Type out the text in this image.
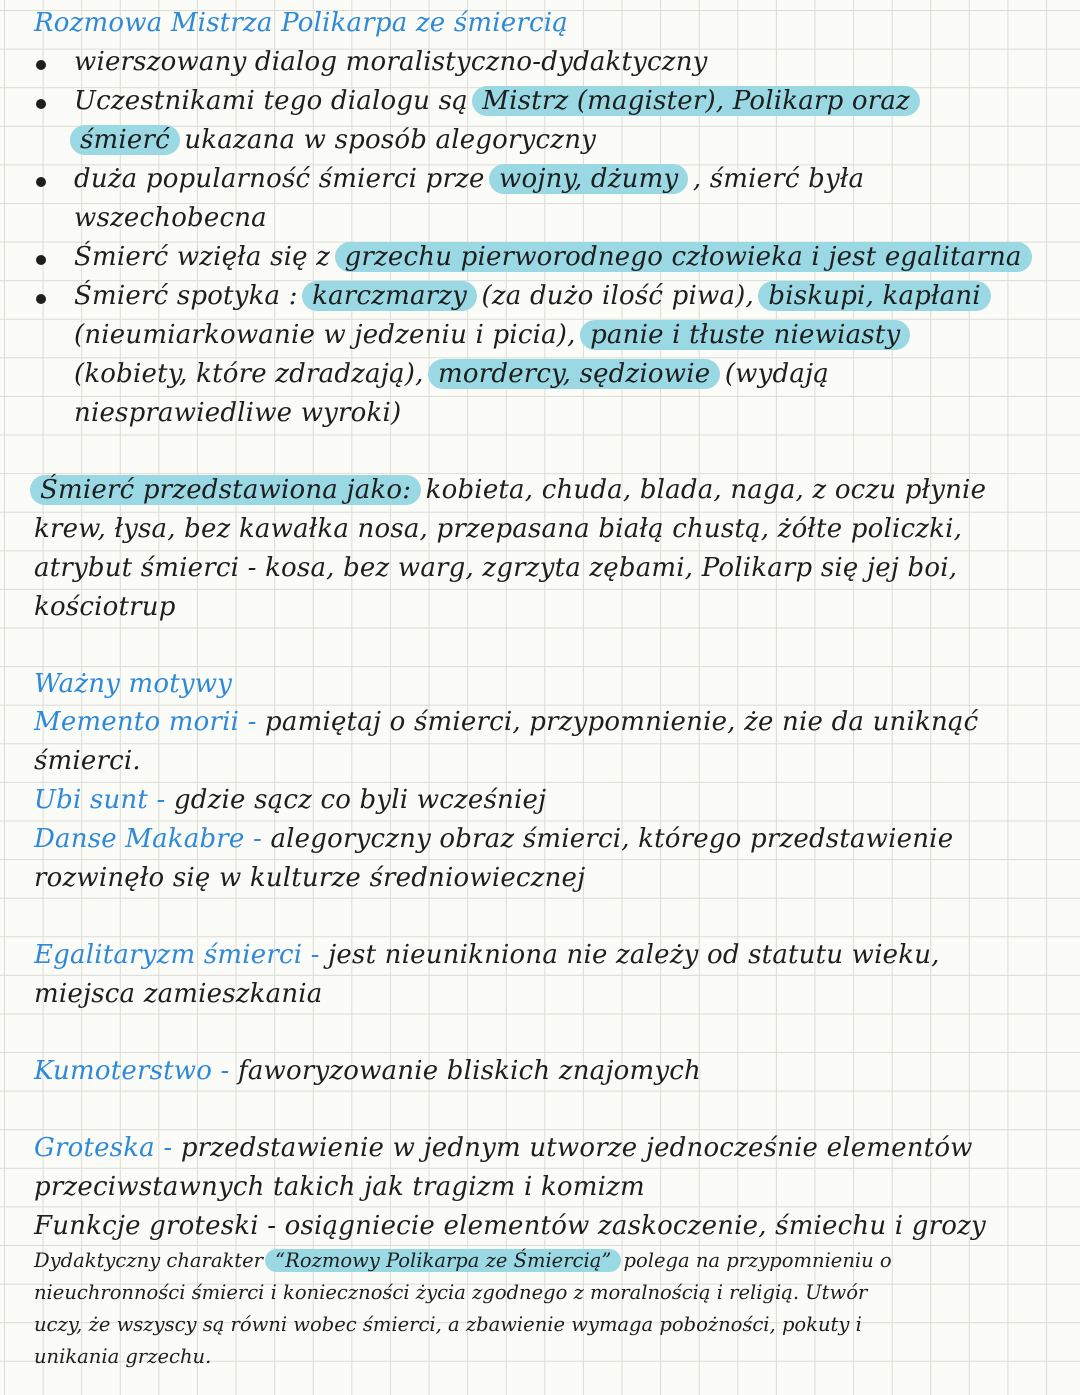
Rozmowa Mistrza Polikarpa ze śmiercią
wierszowany dialog moralistyczno-dydaktyczny
Uczestnikami tego dialogu są Mistrz (magister), Polikarp oraz
śmierć ukazana w sposób alegoryczny
duża popularność śmierci prze wojny, dżumy , śmierć była
wszechobecna
Śmierć wzięła się z grzechu pierworodnego człowieka i jest egalitarna
Śmierć spotyka : karczmarzy (za dużo ilość piwa), biskupi, kapłani
(nieumiarkowanie w jedzeniu i picia), panie i tłuste niewiasty
(kobiety, które zdradzają), mordercy, sędziowie (wydają
niesprawiedliwe wyroki)
Śmierć przedstawiona jako: kobieta, chuda, blada, naga, z oczu płynie
krew, łysa, bez kawałka nosa, przepasana białą chustą, żółte policzki,
atrybut śmierci - kosa, bez warg, zgrzyta zębami, Polikarp się jej boi,
kościotrup
Ważny motywy
Memento morii - pamiętaj o śmierci, przypomnienie, że nie da uniknąć
śmierci.
Ubi sunt - gdzie sącz co byli wcześniej
Danse Makabre - alegoryczny obraz śmierci, którego przedstawienie
rozwinęło się w kulturze średniowiecznej
Egalitaryzm śmierci - jest nieunikniona nie zależy od statutu wieku,
miejsca zamieszkania
Kumoterstwo - faworyzowanie bliskich znajomych
Groteska - przedstawienie w jednym utworze jednocześnie elementów
przeciwstawnych takich jak tragizm i komizm
Funkcje groteski - osiągniecie elementów zaskoczenie, śmiechu i grozy
Dydaktyczny charakter “Rozmowy Polikarpa ze Śmiercią” polega na przypomnieniu o
nieuchronności śmierci i konieczności życia zgodnego z moralnością i religią. Utwór
uczy, że wszyscy są równi wobec śmierci, a zbawienie wymaga pobożności, pokuty i
unikania grzechu.
